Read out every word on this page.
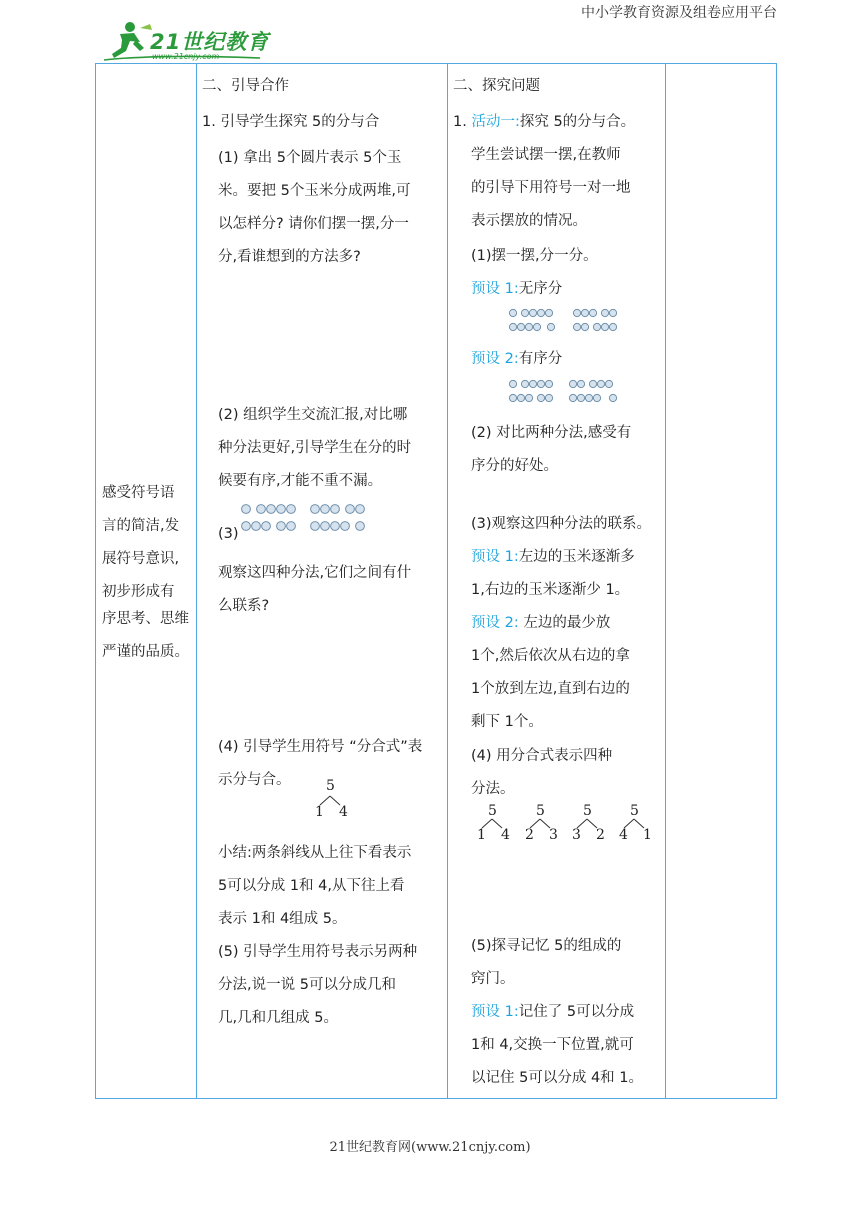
中小学教育资源及组卷应用平台
21世纪教育
www.21cnjy.com
感受符号语
言的简洁,发
展符号意识,
初步形成有
序思考、思维
严谨的品质。
二、引导合作
1. 引导学生探究 5的分与合
(1) 拿出 5个圆片表示 5个玉
米。要把 5个玉米分成两堆,可
以怎样分? 请你们摆一摆,分一
分,看谁想到的方法多?
(2) 组织学生交流汇报,对比哪
种分法更好,引导学生在分的时
候要有序,才能不重不漏。
(3)
观察这四种分法,它们之间有什
么联系?
(4) 引导学生用符号 “分合式”表
示分与合。	5
1 4
小结:两条斜线从上往下看表示
5可以分成 1和 4,从下往上看
表示 1和 4组成 5。
(5) 引导学生用符号表示另两种
分法,说一说 5可以分成几和
几,几和几组成 5。
二、探究问题
1. 活动一:探究 5的分与合。
学生尝试摆一摆,在教师
的引导下用符号一对一地
表示摆放的情况。
(1)摆一摆,分一分。
预设 1:无序分
预设 2:有序分
(2) 对比两种分法,感受有
序分的好处。
(3)观察这四种分法的联系。
预设 1:左边的玉米逐渐多
1,右边的玉米逐渐少 1。
预设 2: 左边的最少放
1个,然后依次从右边的拿
1个放到左边,直到右边的
剩下 1个。
(4) 用分合式表示四种
分法。
5
1 4
5
2 3
5
3 2
5
4 1
(5)探寻记忆 5的组成的
窍门。
预设 1:记住了 5可以分成
1和 4,交换一下位置,就可
以记住 5可以分成 4和 1。
21世纪教育网(www.21cnjy.com)
